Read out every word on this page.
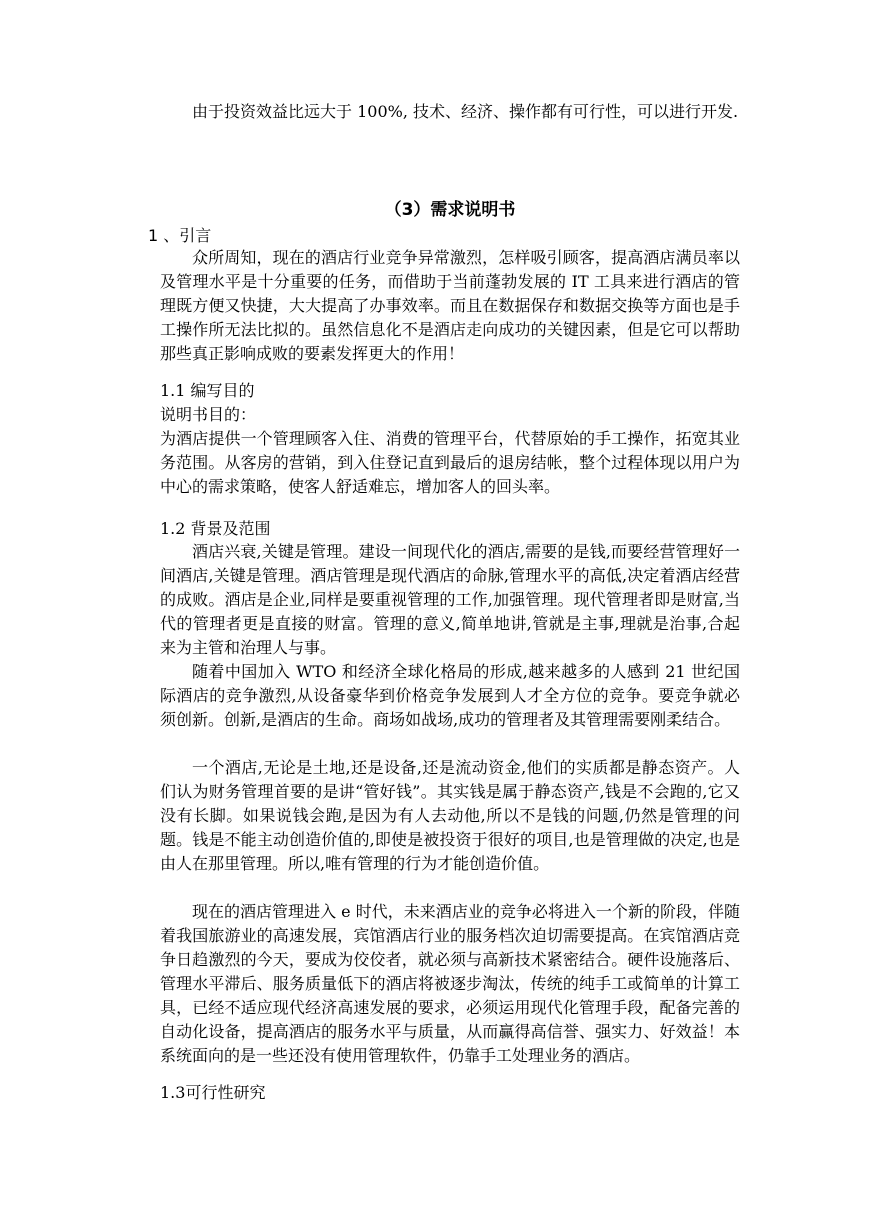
由于投资效益比远大于 100%, 技术、经济、操作都有可行性，可以进行开发.

（3）需求说明书
1 、引言

众所周知，现在的酒店行业竞争异常激烈，怎样吸引顾客，提高酒店满员率以及管理水平是十分重要的任务，而借助于当前蓬勃发展的 IT 工具来进行酒店的管理既方便又快捷，大大提高了办事效率。而且在数据保存和数据交换等方面也是手工操作所无法比拟的。虽然信息化不是酒店走向成功的关键因素，但是它可以帮助那些真正影响成败的要素发挥更大的作用！

1.1 编写目的

说明书目的：

为酒店提供一个管理顾客入住、消费的管理平台，代替原始的手工操作，拓宽其业务范围。从客房的营销，到入住登记直到最后的退房结帐，整个过程体现以用户为中心的需求策略，使客人舒适难忘，增加客人的回头率。

1.2 背景及范围

酒店兴衰,关键是管理。建设一间现代化的酒店,需要的是钱,而要经营管理好一间酒店,关键是管理。酒店管理是现代酒店的命脉,管理水平的高低,决定着酒店经营的成败。酒店是企业,同样是要重视管理的工作,加强管理。现代管理者即是财富,当代的管理者更是直接的财富。管理的意义,简单地讲,管就是主事,理就是治事,合起来为主管和治理人与事。

随着中国加入 WTO 和经济全球化格局的形成,越来越多的人感到 21 世纪国际酒店的竞争激烈,从设备豪华到价格竞争发展到人才全方位的竞争。要竞争就必须创新。创新,是酒店的生命。商场如战场,成功的管理者及其管理需要刚柔结合。

一个酒店,无论是土地,还是设备,还是流动资金,他们的实质都是静态资产。人们认为财务管理首要的是讲“管好钱”。其实钱是属于静态资产,钱是不会跑的,它又没有长脚。如果说钱会跑,是因为有人去动他,所以不是钱的问题,仍然是管理的问题。钱是不能主动创造价值的,即使是被投资于很好的项目,也是管理做的决定,也是由人在那里管理。所以,唯有管理的行为才能创造价值。

现在的酒店管理进入 e 时代，未来酒店业的竞争必将进入一个新的阶段，伴随着我国旅游业的高速发展，宾馆酒店行业的服务档次迫切需要提高。在宾馆酒店竞争日趋激烈的今天，要成为佼佼者，就必须与高新技术紧密结合。硬件设施落后、管理水平滞后、服务质量低下的酒店将被逐步淘汰，传统的纯手工或简单的计算工具，已经不适应现代经济高速发展的要求，必须运用现代化管理手段，配备完善的自动化设备，提高酒店的服务水平与质量，从而赢得高信誉、强实力、好效益！本系统面向的是一些还没有使用管理软件，仍靠手工处理业务的酒店。

1.3可行性研究
